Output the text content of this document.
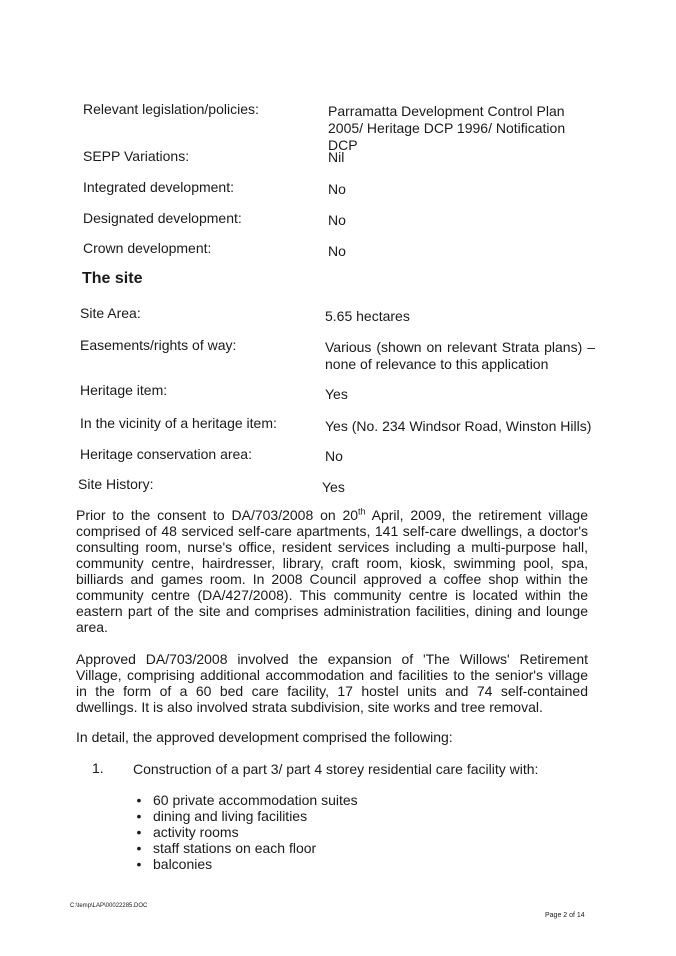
Relevant legislation/policies:	Parramatta Development Control Plan 2005/ Heritage DCP 1996/ Notification DCP
SEPP Variations:	Nil
Integrated development:	No
Designated development:	No
Crown development:	No
The site
Site Area:	5.65 hectares
Easements/rights of way:	Various (shown on relevant Strata plans) – none of relevance to this application
Heritage item:	Yes
In the vicinity of a heritage item:	Yes (No. 234 Windsor Road, Winston Hills)
Heritage conservation area:	No
Site History:	Yes

Prior to the consent to DA/703/2008 on 20th April, 2009, the retirement village comprised of 48 serviced self-care apartments, 141 self-care dwellings, a doctor's consulting room, nurse's office, resident services including a multi-purpose hall, community centre, hairdresser, library, craft room, kiosk, swimming pool, spa, billiards and games room. In 2008 Council approved a coffee shop within the community centre (DA/427/2008). This community centre is located within the eastern part of the site and comprises administration facilities, dining and lounge area.

Approved DA/703/2008 involved the expansion of 'The Willows' Retirement Village, comprising additional accommodation and facilities to the senior's village in the form of a 60 bed care facility, 17 hostel units and 74 self-contained dwellings. It is also involved strata subdivision, site works and tree removal.

In detail, the approved development comprised the following:

1. Construction of a part 3/ part 4 storey residential care facility with:
• 60 private accommodation suites
• dining and living facilities
• activity rooms
• staff stations on each floor
• balconies
C:\temp\LAP\00022285.DOC
Page 2 of 14
